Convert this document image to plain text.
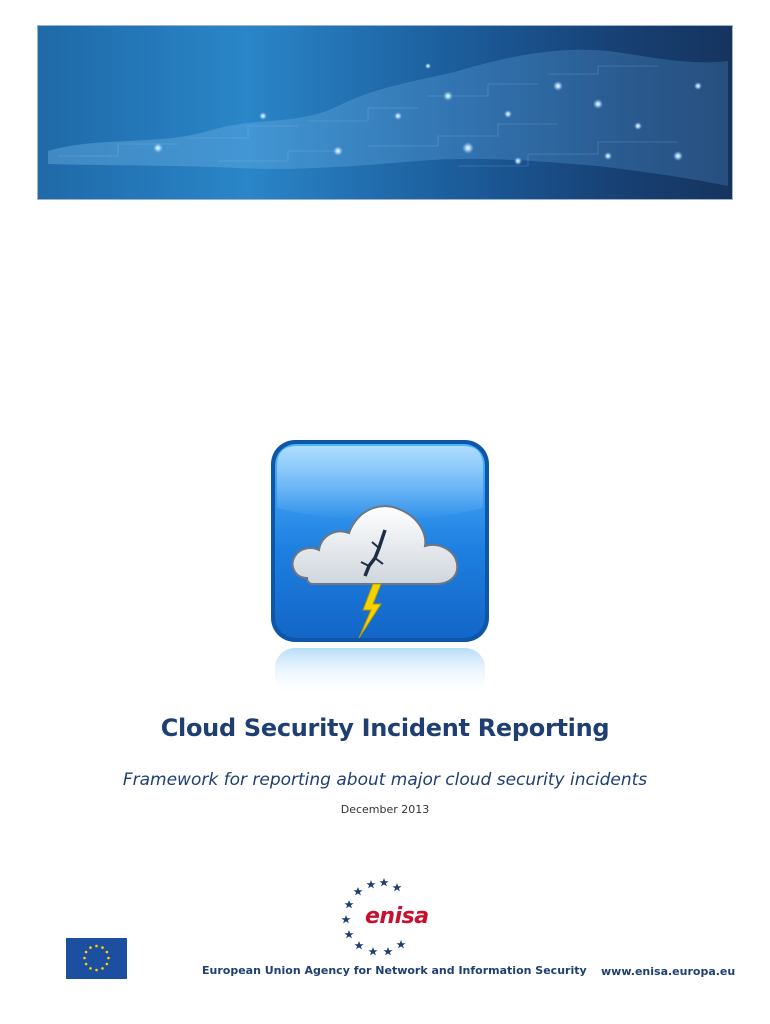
Cloud Security Incident Reporting
Framework for reporting about major cloud security incidents
December 2013
enisa
European Union Agency for Network and Information Security www.enisa.europa.eu
